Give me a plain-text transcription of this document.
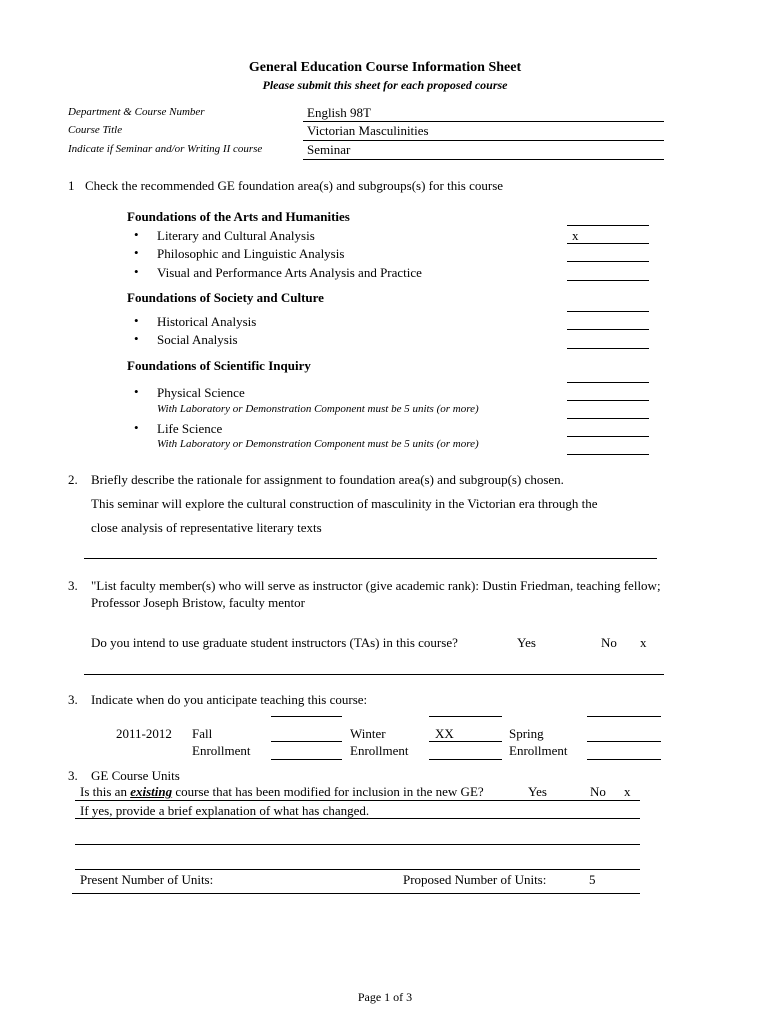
General Education Course Information Sheet
Please submit this sheet for each proposed course
Department & Course Number	English 98T
Course Title	Victorian Masculinities
Indicate if Seminar and/or Writing II course	Seminar
1 Check the recommended GE foundation area(s) and subgroups(s) for this course
Foundations of the Arts and Humanities
• Literary and Cultural Analysis	x
• Philosophic and Linguistic Analysis
• Visual and Performance Arts Analysis and Practice
Foundations of Society and Culture
• Historical Analysis
• Social Analysis
Foundations of Scientific Inquiry
• Physical Science
With Laboratory or Demonstration Component must be 5 units (or more)
• Life Science
With Laboratory or Demonstration Component must be 5 units (or more)
2. Briefly describe the rationale for assignment to foundation area(s) and subgroup(s) chosen.
This seminar will explore the cultural construction of masculinity in the Victorian era through the
close analysis of representative literary texts
3. "List faculty member(s) who will serve as instructor (give academic rank): Dustin Friedman, teaching fellow;
Professor Joseph Bristow, faculty mentor
Do you intend to use graduate student instructors (TAs) in this course?	Yes	No x
3. Indicate when do you anticipate teaching this course:
2011-2012 Fall	Winter	XX	Spring
Enrollment	Enrollment	Enrollment
3. GE Course Units
Is this an existing course that has been modified for inclusion in the new GE?	Yes	No x
If yes, provide a brief explanation of what has changed.
Present Number of Units:	Proposed Number of Units:	5
Page 1 of 3
